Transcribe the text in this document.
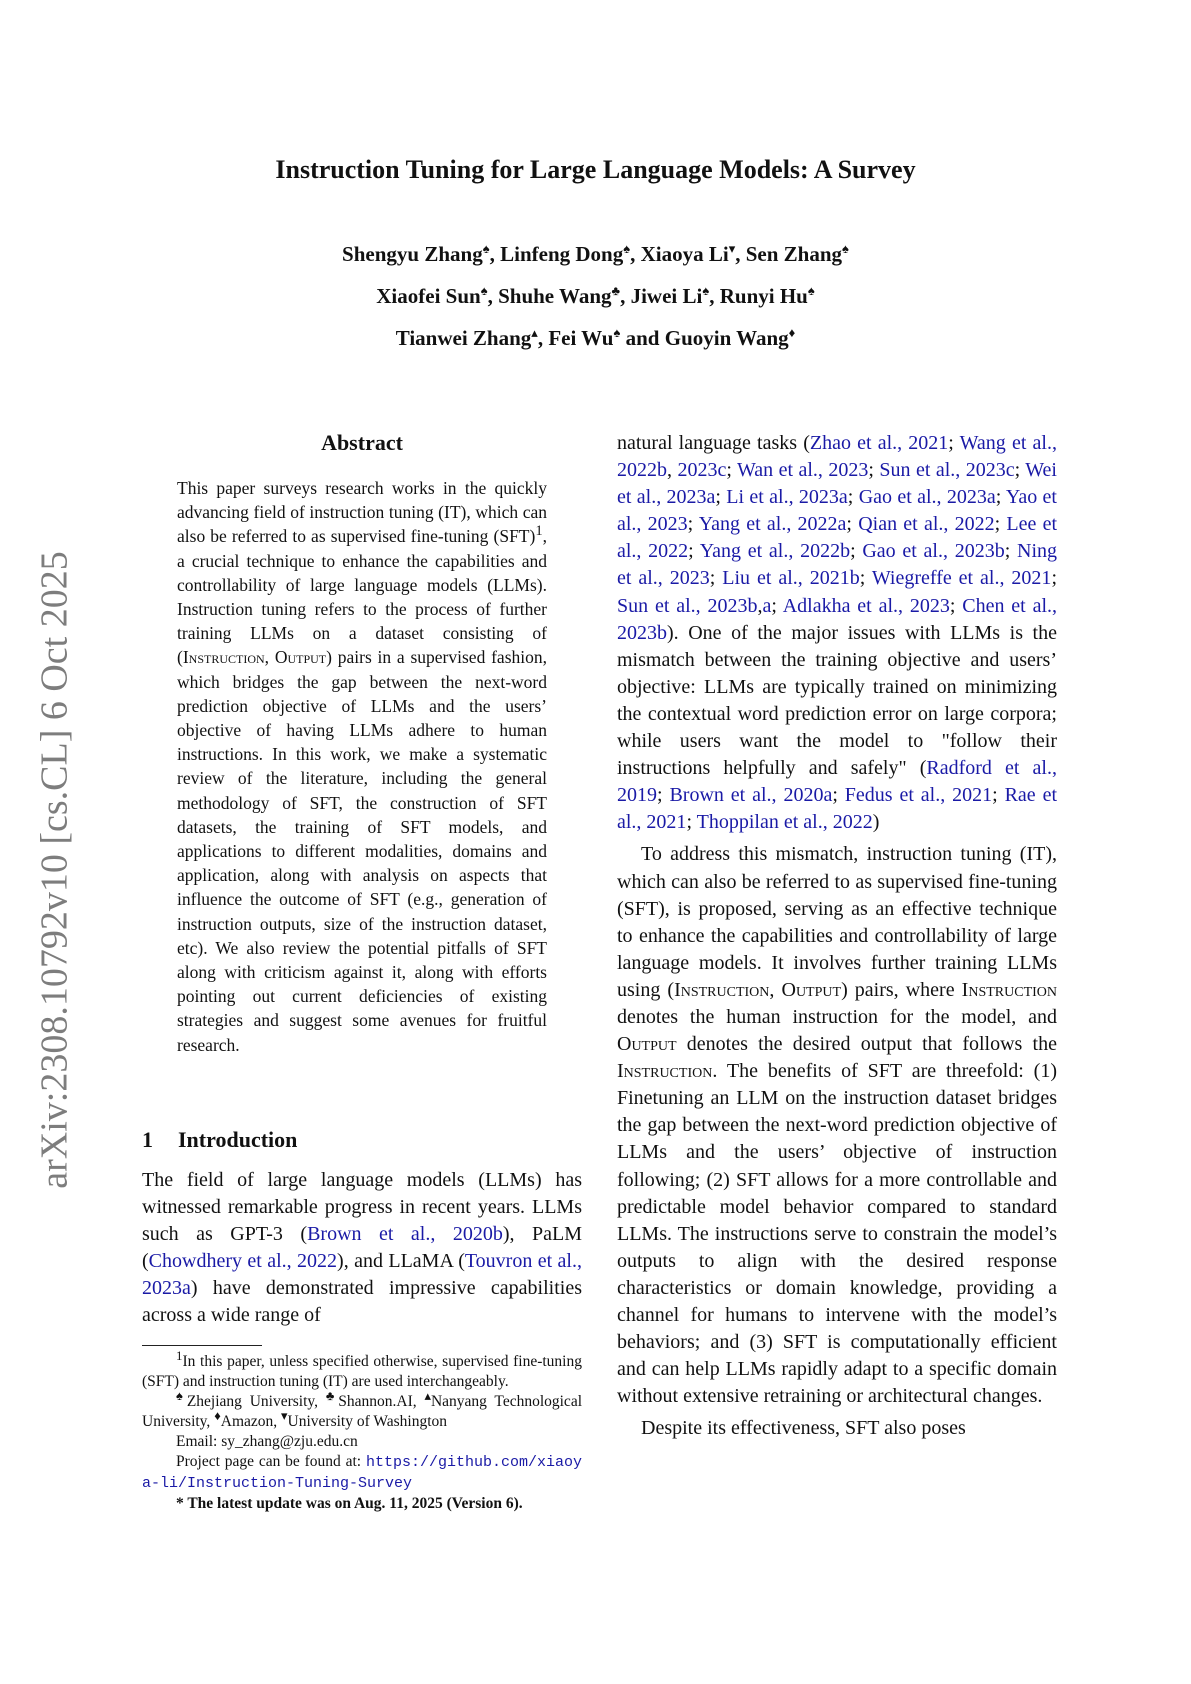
arXiv:2308.10792v10 [cs.CL] 6 Oct 2025
Instruction Tuning for Large Language Models: A Survey
Shengyu Zhang♠, Linfeng Dong♠, Xiaoya Li▾, Sen Zhang♠
Xiaofei Sun♠, Shuhe Wang♣, Jiwei Li♠, Runyi Hu♠
Tianwei Zhang▴, Fei Wu♠ and Guoyin Wang♦
Abstract
This paper surveys research works in the quickly advancing field of instruction tuning (IT), which can also be referred to as supervised fine-tuning (SFT)$^1$, a crucial technique to enhance the capabilities and controllability of large language models (LLMs). Instruction tuning refers to the process of further training LLMs on a dataset consisting of (Instruction, Output) pairs in a supervised fashion, which bridges the gap between the next-word prediction objective of LLMs and the users’ objective of having LLMs adhere to human instructions. In this work, we make a systematic review of the literature, including the general methodology of SFT, the construction of SFT datasets, the training of SFT models, and applications to different modalities, domains and application, along with analysis on aspects that influence the outcome of SFT (e.g., generation of instruction outputs, size of the instruction dataset, etc). We also review the potential pitfalls of SFT along with criticism against it, along with efforts pointing out current deficiencies of existing strategies and suggest some avenues for fruitful research.
1 Introduction
The field of large language models (LLMs) has witnessed remarkable progress in recent years. LLMs such as GPT-3 (Brown et al., 2020b), PaLM (Chowdhery et al., 2022), and LLaMA (Touvron et al., 2023a) have demonstrated impressive capabilities across a wide range of

$^1$In this paper, unless specified otherwise, supervised fine-tuning (SFT) and instruction tuning (IT) are used interchangeably.

♠Zhejiang University, ♣Shannon.AI, ▴Nanyang Technological University, ♦Amazon, ▾University of Washington

Email: sy_zhang@zju.edu.cn

Project page can be found at: https://github.com/xiaoya-li/Instruction-Tuning-Survey

* The latest update was on Aug. 11, 2025 (Version 6).

natural language tasks (Zhao et al., 2021; Wang et al., 2022b, 2023c; Wan et al., 2023; Sun et al., 2023c; Wei et al., 2023a; Li et al., 2023a; Gao et al., 2023a; Yao et al., 2023; Yang et al., 2022a; Qian et al., 2022; Lee et al., 2022; Yang et al., 2022b; Gao et al., 2023b; Ning et al., 2023; Liu et al., 2021b; Wiegreffe et al., 2021; Sun et al., 2023b,a; Adlakha et al., 2023; Chen et al., 2023b). One of the major issues with LLMs is the mismatch between the training objective and users’ objective: LLMs are typically trained on minimizing the contextual word prediction error on large corpora; while users want the model to "follow their instructions helpfully and safely" (Radford et al., 2019; Brown et al., 2020a; Fedus et al., 2021; Rae et al., 2021; Thoppilan et al., 2022)

To address this mismatch, instruction tuning (IT), which can also be referred to as supervised fine-tuning (SFT), is proposed, serving as an effective technique to enhance the capabilities and controllability of large language models. It involves further training LLMs using (Instruction, Output) pairs, where Instruction denotes the human instruction for the model, and Output denotes the desired output that follows the Instruction. The benefits of SFT are threefold: (1) Finetuning an LLM on the instruction dataset bridges the gap between the next-word prediction objective of LLMs and the users’ objective of instruction following; (2) SFT allows for a more controllable and predictable model behavior compared to standard LLMs. The instructions serve to constrain the model’s outputs to align with the desired response characteristics or domain knowledge, providing a channel for humans to intervene with the model’s behaviors; and (3) SFT is computationally efficient and can help LLMs rapidly adapt to a specific domain without extensive retraining or architectural changes.

Despite its effectiveness, SFT also poses
